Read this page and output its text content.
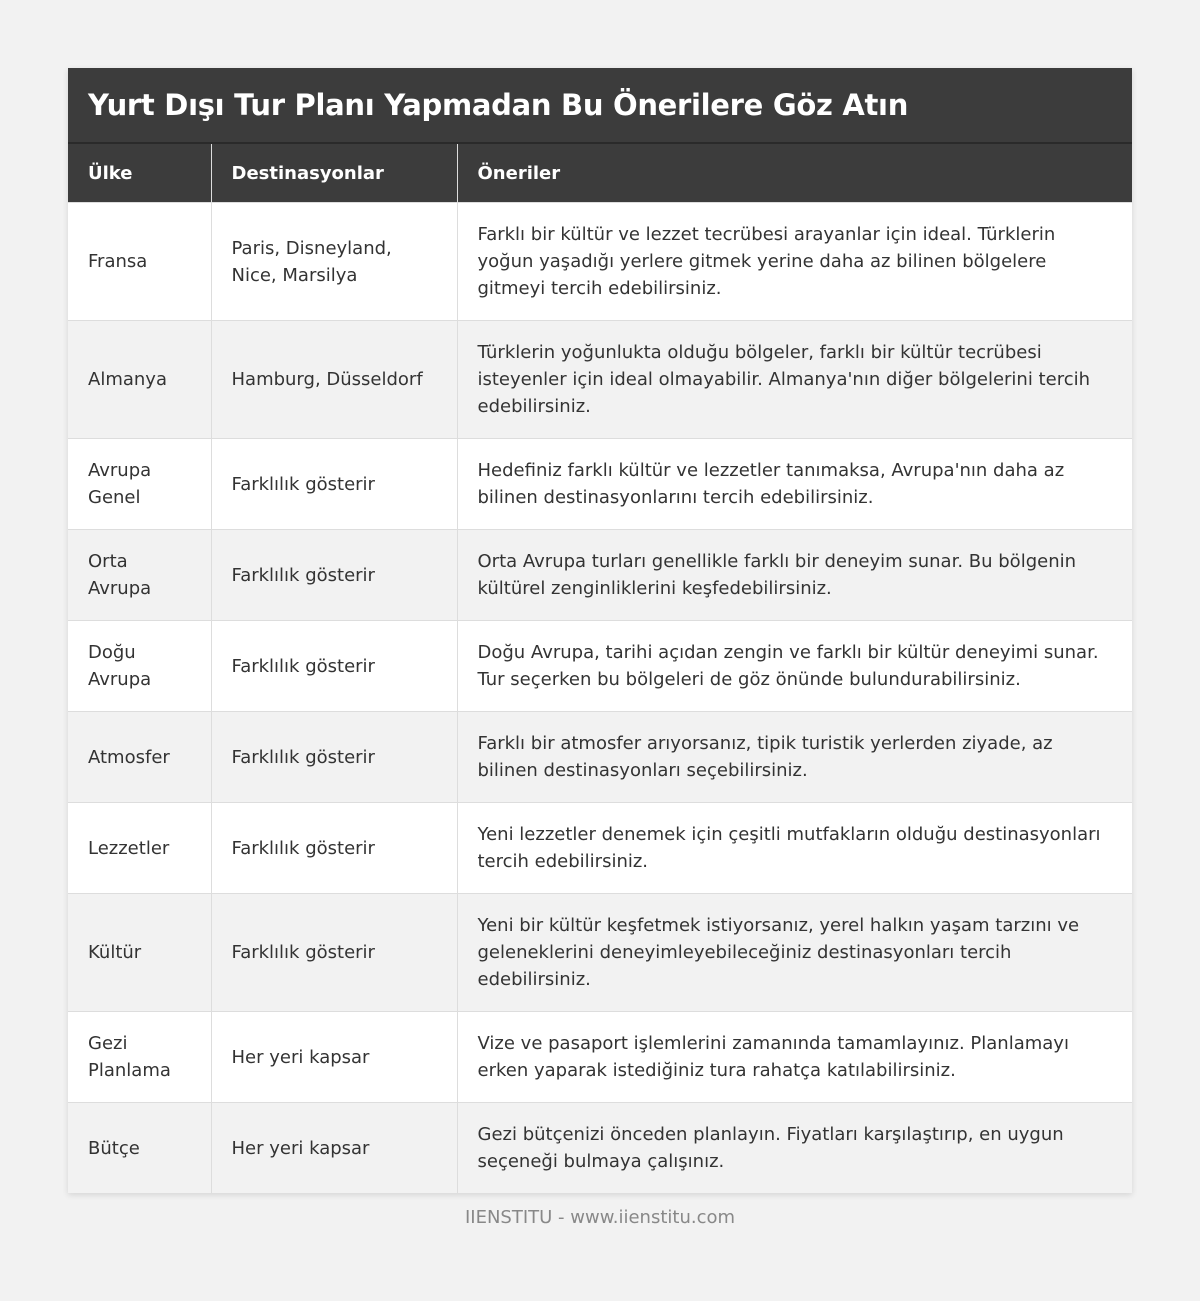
Yurt Dışı Tur Planı Yapmadan Bu Önerilere Göz Atın
Ülke	Destinasyonlar	Öneriler
Fransa	Paris, Disneyland, Nice, Marsilya	Farklı bir kültür ve lezzet tecrübesi arayanlar için ideal. Türklerin yoğun yaşadığı yerlere gitmek yerine daha az bilinen bölgelere gitmeyi tercih edebilirsiniz.
Almanya	Hamburg, Düsseldorf	Türklerin yoğunlukta olduğu bölgeler, farklı bir kültür tecrübesi isteyenler için ideal olmayabilir. Almanya'nın diğer bölgelerini tercih edebilirsiniz.
Avrupa Genel	Farklılık gösterir	Hedefiniz farklı kültür ve lezzetler tanımaksa, Avrupa'nın daha az bilinen destinasyonlarını tercih edebilirsiniz.
Orta Avrupa	Farklılık gösterir	Orta Avrupa turları genellikle farklı bir deneyim sunar. Bu bölgenin kültürel zenginliklerini keşfedebilirsiniz.
Doğu Avrupa	Farklılık gösterir	Doğu Avrupa, tarihi açıdan zengin ve farklı bir kültür deneyimi sunar. Tur seçerken bu bölgeleri de göz önünde bulundurabilirsiniz.
Atmosfer	Farklılık gösterir	Farklı bir atmosfer arıyorsanız, tipik turistik yerlerden ziyade, az bilinen destinasyonları seçebilirsiniz.
Lezzetler	Farklılık gösterir	Yeni lezzetler denemek için çeşitli mutfakların olduğu destinasyonları tercih edebilirsiniz.
Kültür	Farklılık gösterir	Yeni bir kültür keşfetmek istiyorsanız, yerel halkın yaşam tarzını ve geleneklerini deneyimleyebileceğiniz destinasyonları tercih edebilirsiniz.
Gezi Planlama	Her yeri kapsar	Vize ve pasaport işlemlerini zamanında tamamlayınız. Planlamayı erken yaparak istediğiniz tura rahatça katılabilirsiniz.
Bütçe	Her yeri kapsar	Gezi bütçenizi önceden planlayın. Fiyatları karşılaştırıp, en uygun seçeneği bulmaya çalışınız.
IIENSTITU - www.iienstitu.com
